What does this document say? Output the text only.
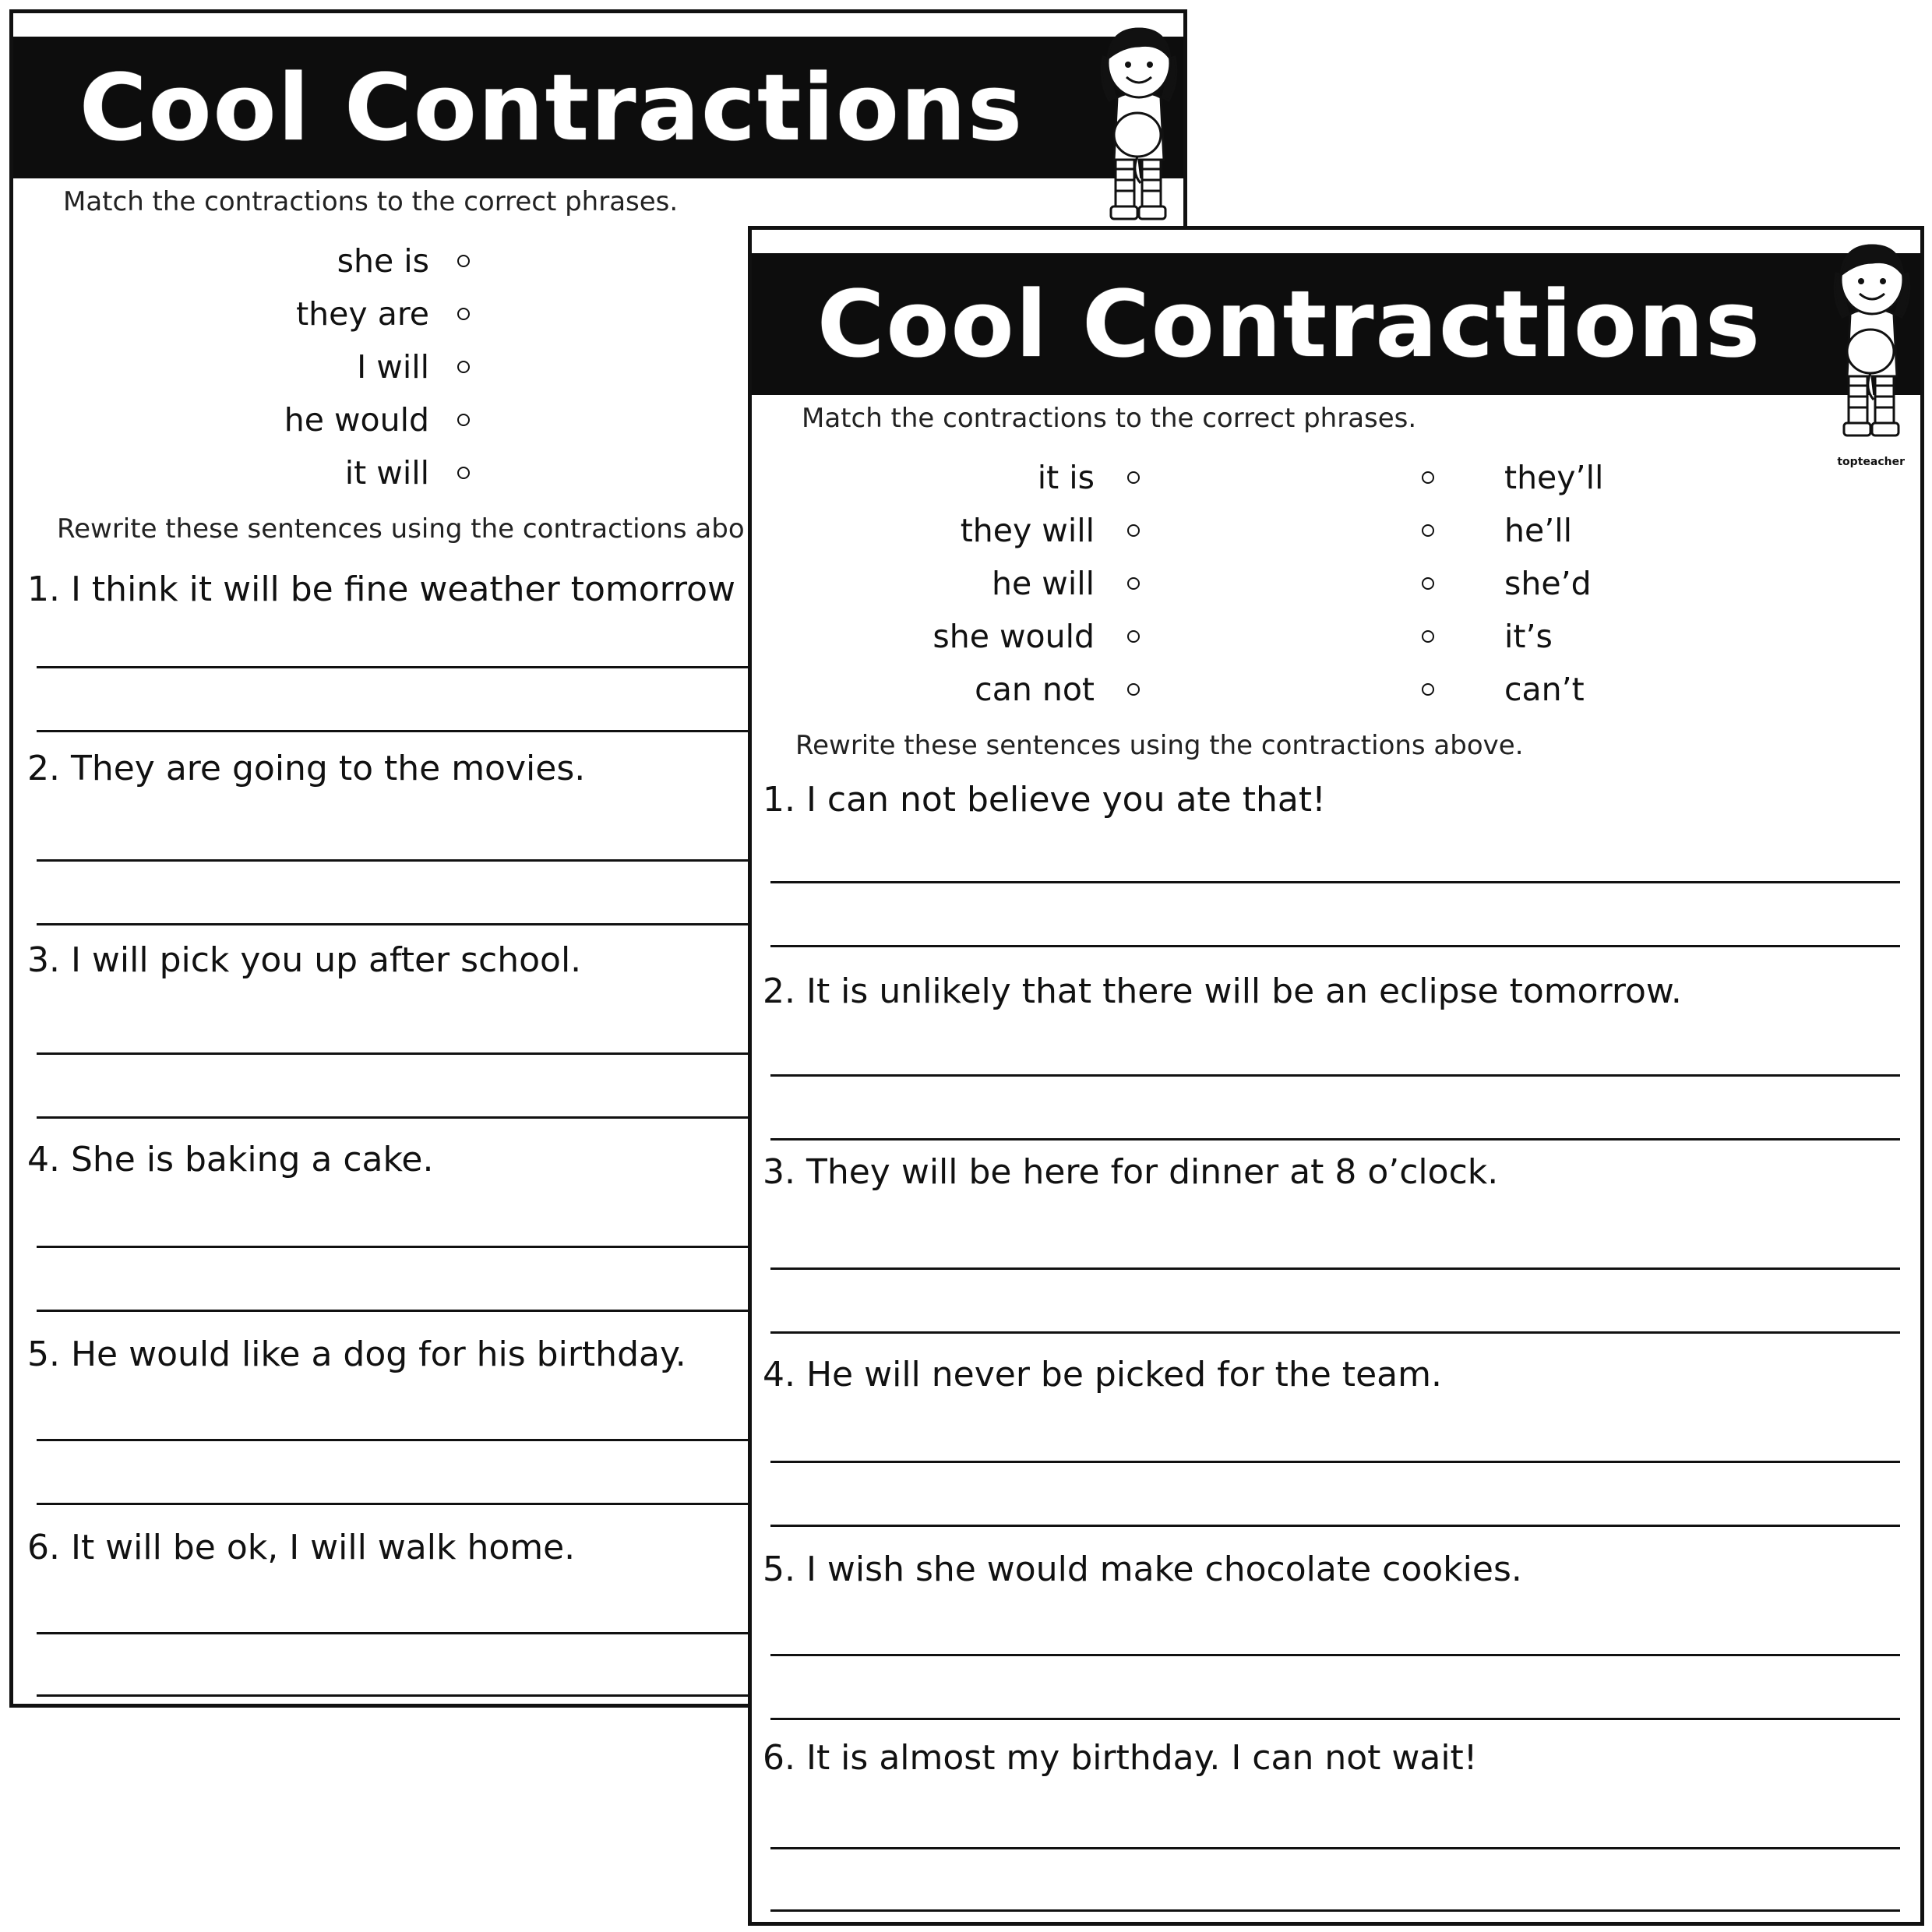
Cool Contractions
Match the contractions to the correct phrases.
she is
they are
I will
he would
it will
Rewrite these sentences using the contractions abo
1. I think it will be fine weather tomorrow
2. They are going to the movies.
3. I will pick you up after school.
4. She is baking a cake.
5. He would like a dog for his birthday.
6. It will be ok, I will walk home.
Cool Contractions
topteacher
Match the contractions to the correct phrases.
it is	they’ll
they will	he’ll
he will	she’d
she would	it’s
can not	can’t
Rewrite these sentences using the contractions above.
1. I can not believe you ate that!
2. It is unlikely that there will be an eclipse tomorrow.
3. They will be here for dinner at 8 o’clock.
4. He will never be picked for the team.
5. I wish she would make chocolate cookies.
6. It is almost my birthday. I can not wait!
